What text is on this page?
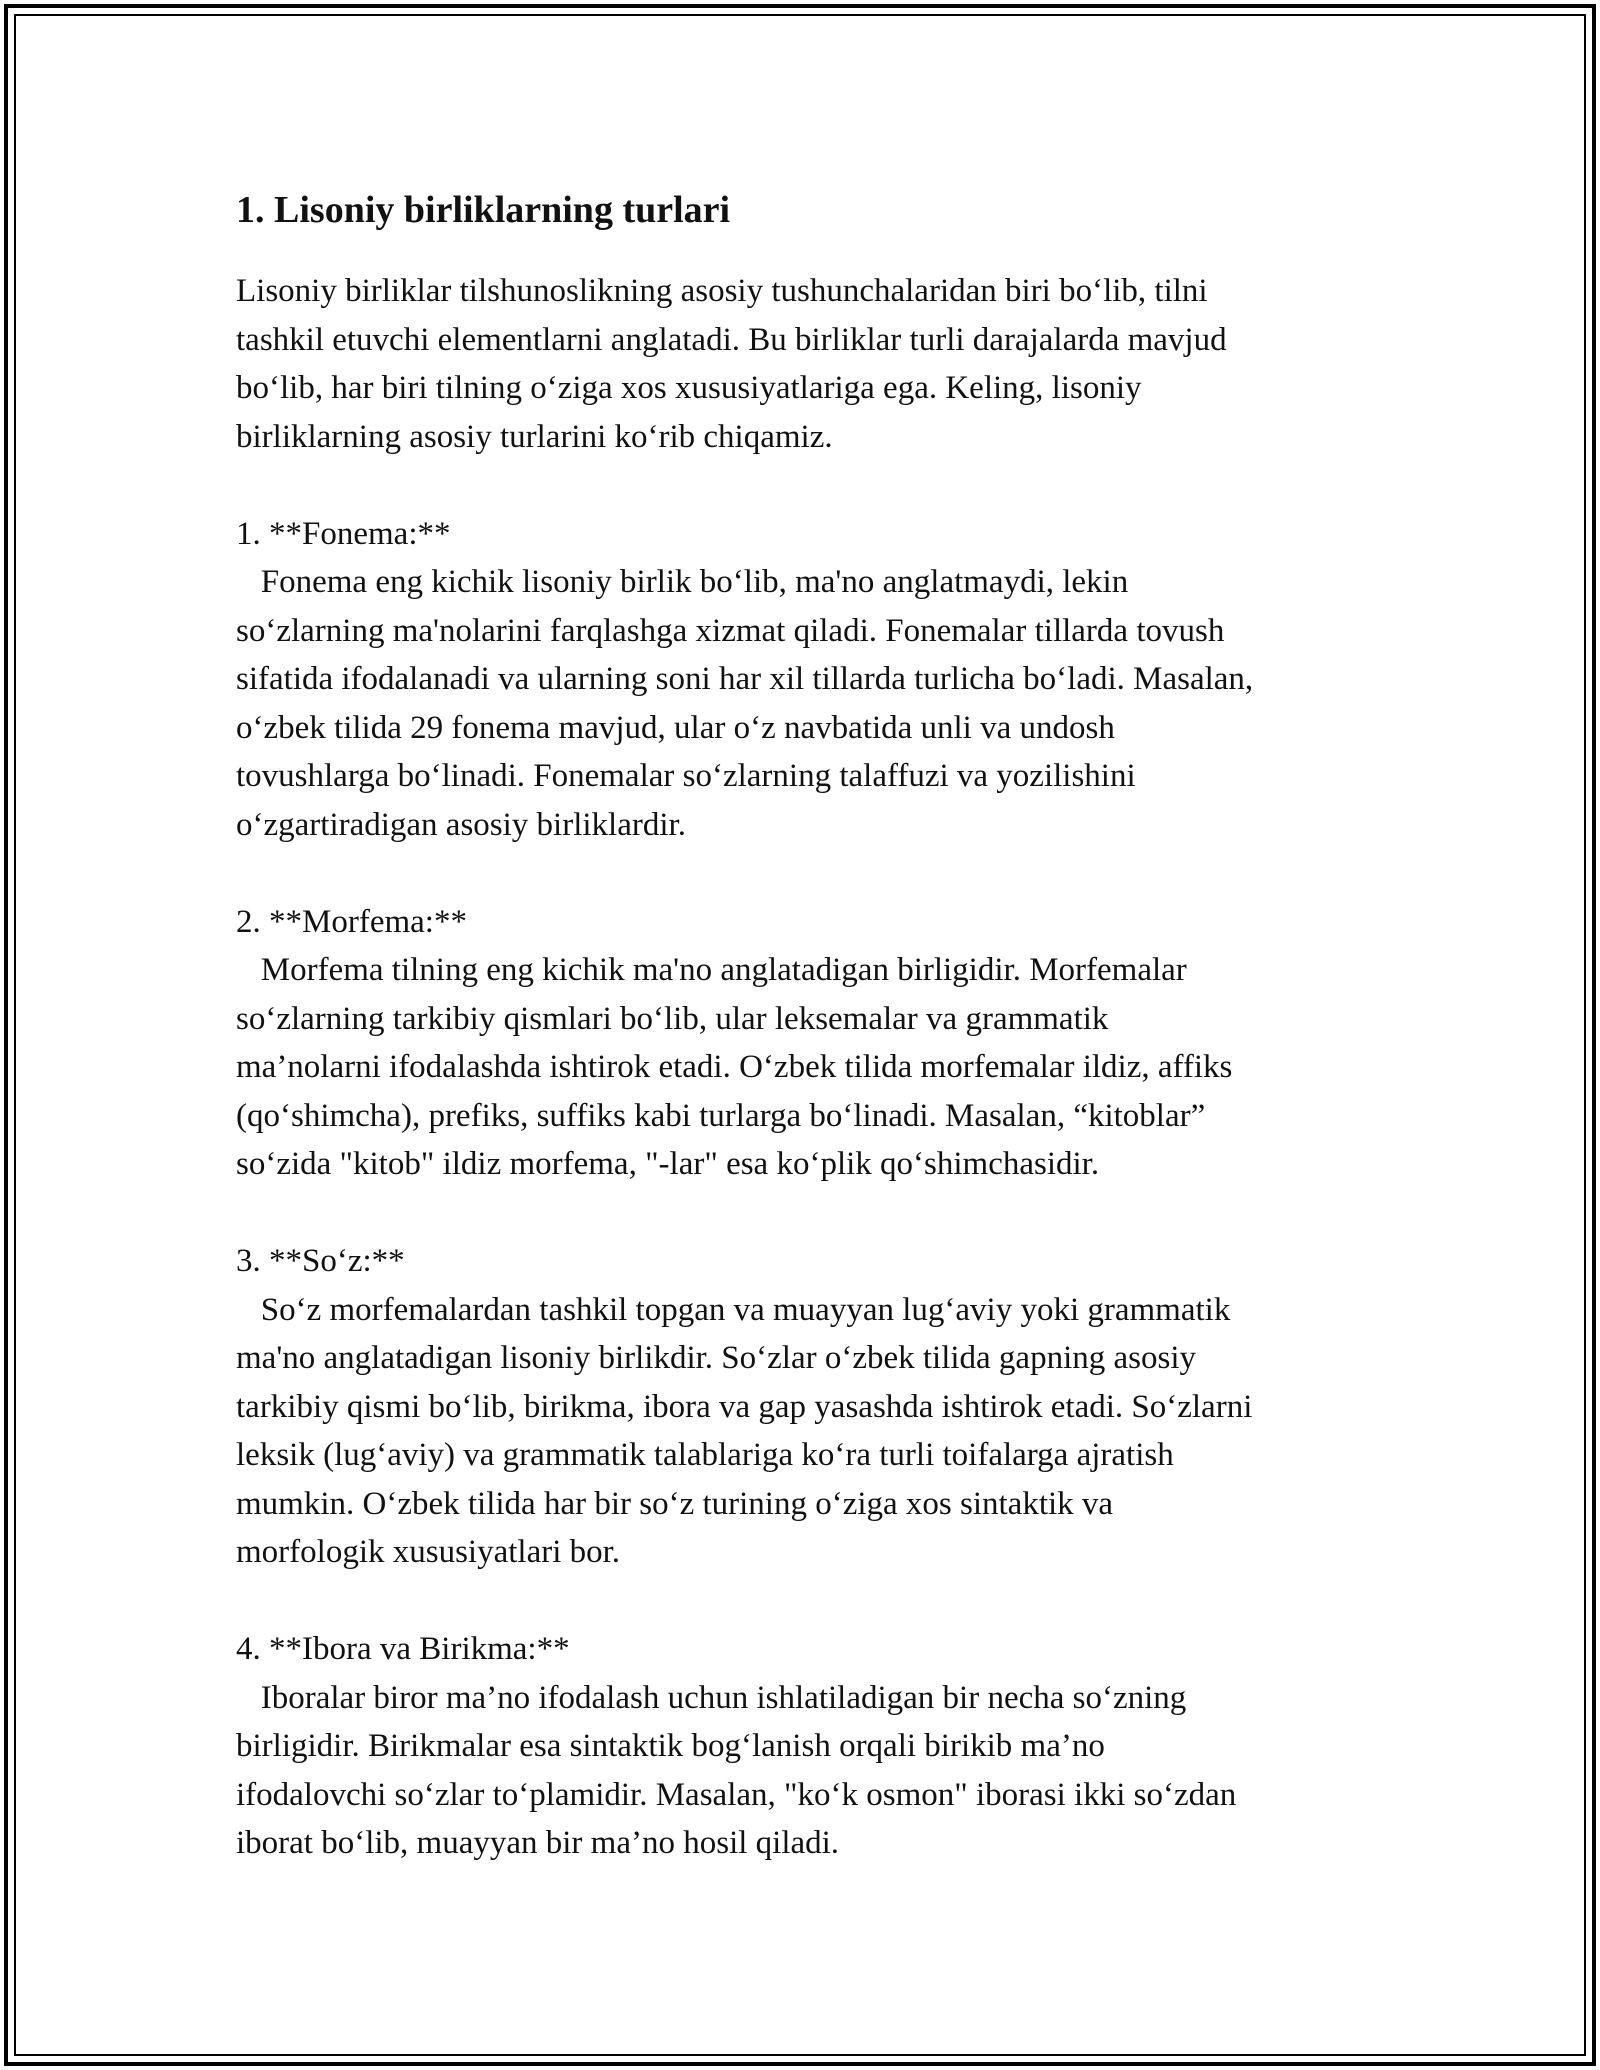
1. Lisoniy birliklarning turlari
Lisoniy birliklar tilshunoslikning asosiy tushunchalaridan biri bo‘lib, tilni
tashkil etuvchi elementlarni anglatadi. Bu birliklar turli darajalarda mavjud
bo‘lib, har biri tilning o‘ziga xos xususiyatlariga ega. Keling, lisoniy
birliklarning asosiy turlarini ko‘rib chiqamiz.
1. **Fonema:**
Fonema eng kichik lisoniy birlik bo‘lib, ma'no anglatmaydi, lekin
so‘zlarning ma'nolarini farqlashga xizmat qiladi. Fonemalar tillarda tovush
sifatida ifodalanadi va ularning soni har xil tillarda turlicha bo‘ladi. Masalan,
o‘zbek tilida 29 fonema mavjud, ular o‘z navbatida unli va undosh
tovushlarga bo‘linadi. Fonemalar so‘zlarning talaffuzi va yozilishini
o‘zgartiradigan asosiy birliklardir.
2. **Morfema:**
Morfema tilning eng kichik ma'no anglatadigan birligidir. Morfemalar
so‘zlarning tarkibiy qismlari bo‘lib, ular leksemalar va grammatik
ma’nolarni ifodalashda ishtirok etadi. O‘zbek tilida morfemalar ildiz, affiks
(qo‘shimcha), prefiks, suffiks kabi turlarga bo‘linadi. Masalan, “kitoblar”
so‘zida "kitob" ildiz morfema, "-lar" esa ko‘plik qo‘shimchasidir.
3. **So‘z:**
So‘z morfemalardan tashkil topgan va muayyan lug‘aviy yoki grammatik
ma'no anglatadigan lisoniy birlikdir. So‘zlar o‘zbek tilida gapning asosiy
tarkibiy qismi bo‘lib, birikma, ibora va gap yasashda ishtirok etadi. So‘zlarni
leksik (lug‘aviy) va grammatik talablariga ko‘ra turli toifalarga ajratish
mumkin. O‘zbek tilida har bir so‘z turining o‘ziga xos sintaktik va
morfologik xususiyatlari bor.
4. **Ibora va Birikma:**
Iboralar biror ma’no ifodalash uchun ishlatiladigan bir necha so‘zning
birligidir. Birikmalar esa sintaktik bog‘lanish orqali birikib ma’no
ifodalovchi so‘zlar to‘plamidir. Masalan, "ko‘k osmon" iborasi ikki so‘zdan
iborat bo‘lib, muayyan bir ma’no hosil qiladi.
